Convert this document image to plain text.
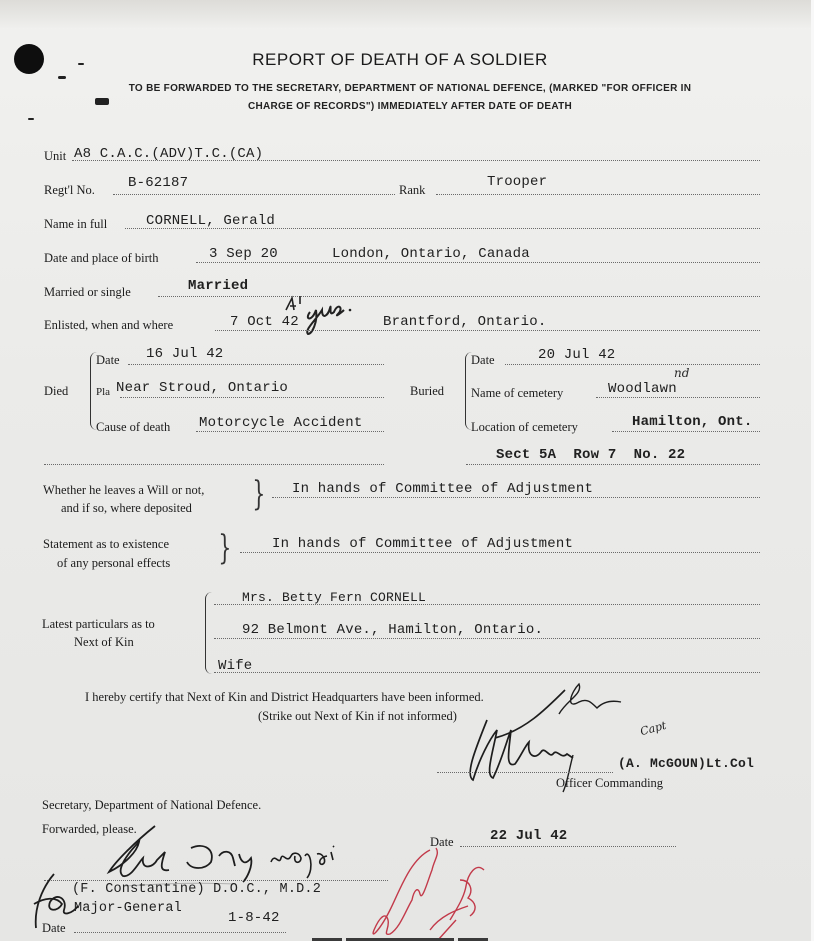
REPORT OF DEATH OF A SOLDIER
TO BE FORWARDED TO THE SECRETARY, DEPARTMENT OF NATIONAL DEFENCE, (MARKED "FOR OFFICER IN
CHARGE OF RECORDS") IMMEDIATELY AFTER DATE OF DEATH
Unit A8 C.A.C.(ADV)T.C.(CA)
Regt'l No. B-62187	Rank	Trooper
Name in full	CORNELL, Gerald
Date and place of birth	3 Sep 20	London, Ontario, Canada
Married or single	Married
Enlisted, when and where	7 Oct 42	Brantford, Ontario.
Died
Date 16 Jul 42
Pla Near Stroud, Ontario
Cause of death Motorcycle Accident
Buried
Date	20 Jul 42
Name of cemetery	Woodlawn
nd
Location of cemetery	Hamilton, Ont.
Sect 5A  Row 7  No. 22
Whether he leaves a Will or not,
and if so, where deposited } In hands of Committee of Adjustment
Statement as to existence
of any personal effects }	In hands of Committee of Adjustment
Latest particulars as to
Next of Kin
Mrs. Betty Fern CORNELL
92 Belmont Ave., Hamilton, Ontario.
Wife
I hereby certify that Next of Kin and District Headquarters have been informed.
(Strike out Next of Kin if not informed)
Capt
(A. McGOUN)Lt.Col
Officer Commanding
Secretary, Department of National Defence.
Forwarded, please.
Date	22 Jul 42
(F. Constantine) D.O.C., M.D.2
Major-General
Date
1-8-42
